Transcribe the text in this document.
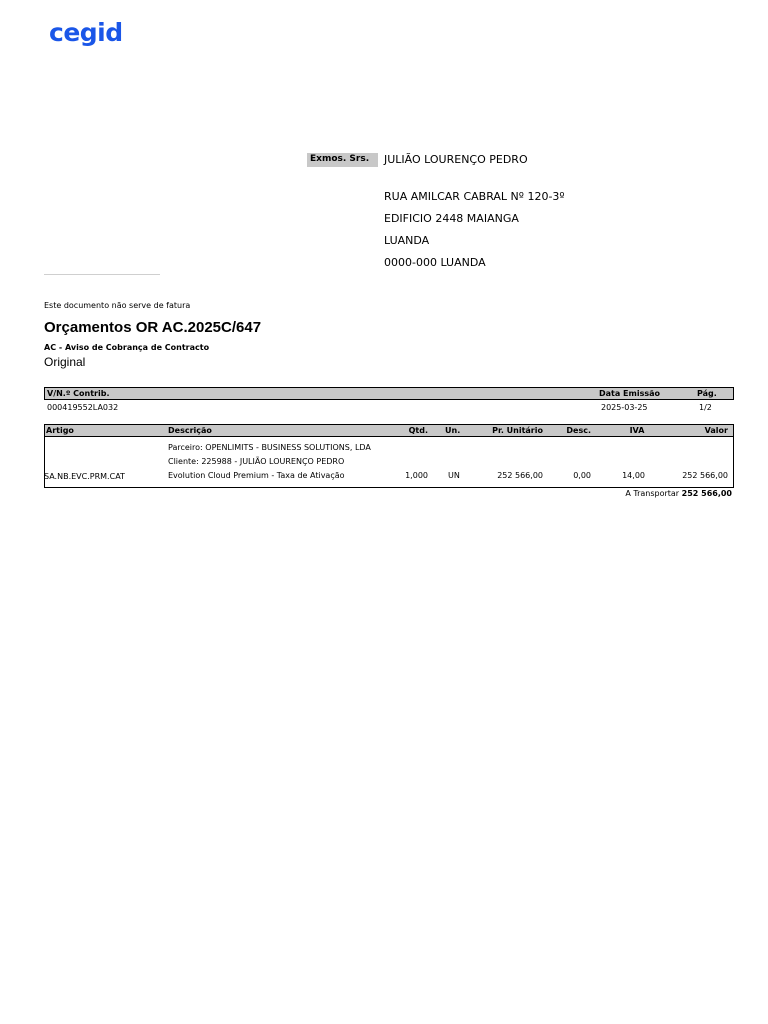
cegid
Exmos. Srs.	JULIÃO LOURENÇO PEDRO
RUA AMILCAR CABRAL Nº 120-3º
EDIFICIO 2448 MAIANGA
LUANDA
0000-000 LUANDA
Este documento não serve de fatura
Orçamentos OR AC.2025C/647
AC - Aviso de Cobrança de Contracto
Original
V/N.º Contrib.	Data Emissão	Pág.
000419552LA032	2025-03-25	1/2
Artigo	Descrição	Qtd. Un.	Pr. Unitário	Desc.	IVA	Valor
Parceiro: OPENLIMITS - BUSINESS SOLUTIONS, LDA
Cliente: 225988 - JULIÃO LOURENÇO PEDRO
SA.NB.EVC.PRM.CAT	Evolution Cloud Premium - Taxa de Ativação	1,000	UN	252 566,00	0,00	14,00	252 566,00
A Transportar 252 566,00
